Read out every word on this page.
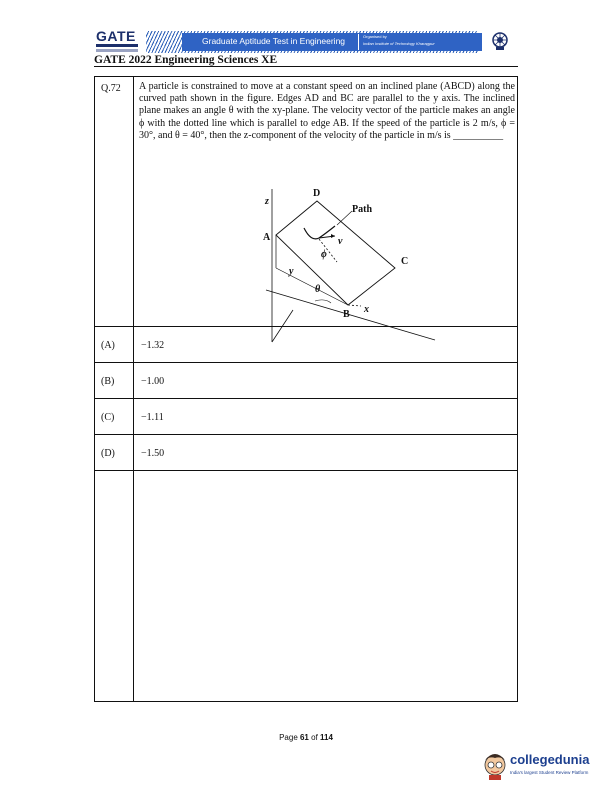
GATE	Graduate Aptitude Test in Engineering	Organised by
Indian Institute of Technology Kharagpur
GATE 2022 Engineering Sciences XE
Q.72 A particle is constrained to move at a constant speed on an inclined plane (ABCD) along the curved path shown in the figure. Edges AD and BC are parallel to the y axis. The inclined plane makes an angle θ with the xy-plane. The velocity vector of the particle makes an angle ϕ with the dotted line which is parallel to edge AB. If the speed of the particle is 2 m/s, ϕ = 30°, and θ = 40°, then the z-component of the velocity of the particle in m/s is __________
A
D
C
B
Path
v
ϕ
θ
x
y
z
(A)	−1.32
(B)	−1.00
(C)	−1.11
(D)	−1.50
Page 61 of 114
collegedunia
India's largest Student Review Platform
